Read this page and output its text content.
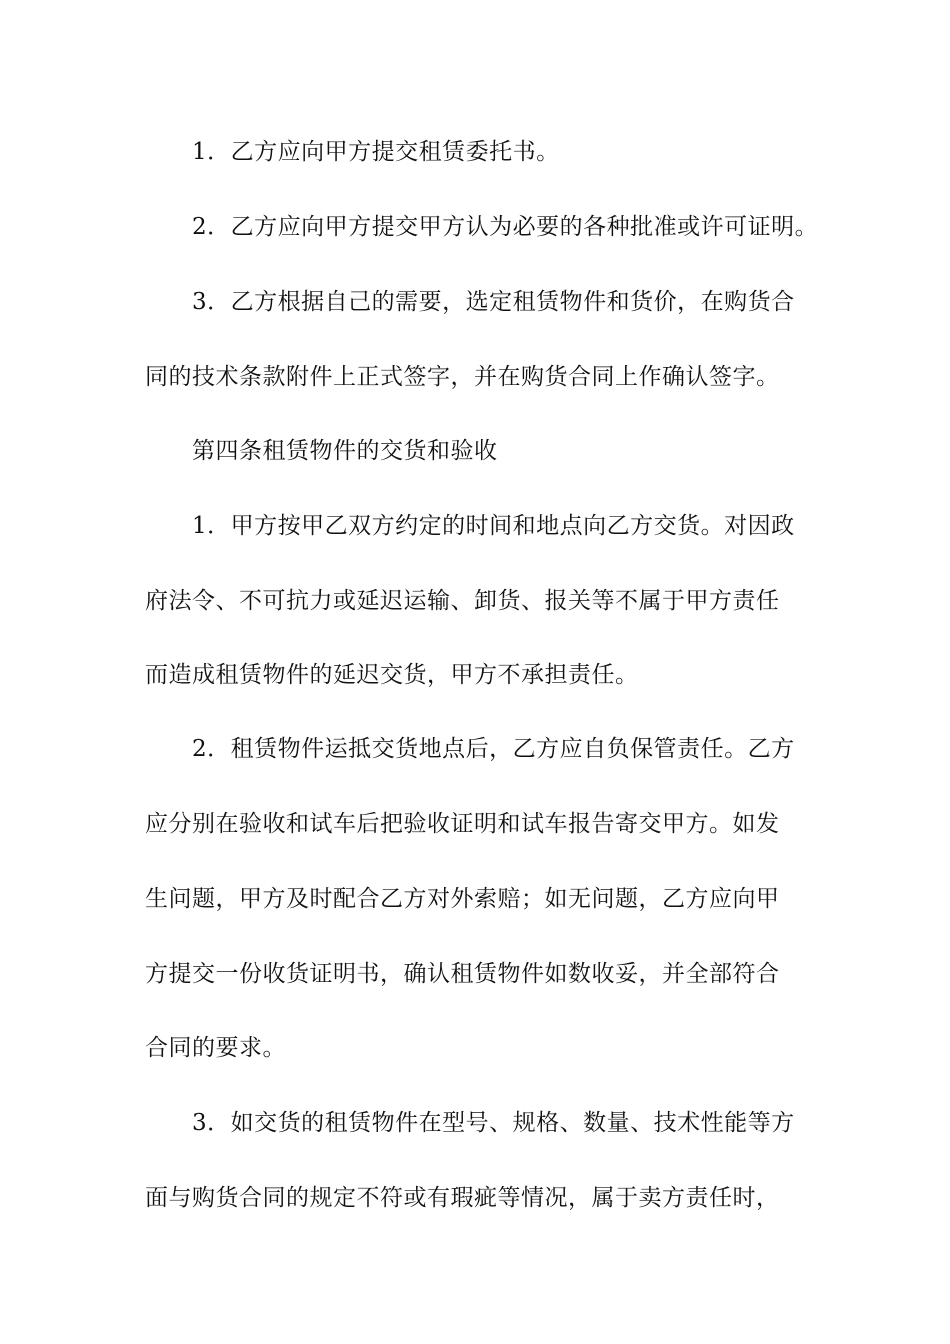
1．乙方应向甲方提交租赁委托书。
2．乙方应向甲方提交甲方认为必要的各种批准或许可证明。
3．乙方根据自己的需要，选定租赁物件和货价，在购货合
同的技术条款附件上正式签字，并在购货合同上作确认签字。
第四条租赁物件的交货和验收
1．甲方按甲乙双方约定的时间和地点向乙方交货。对因政
府法令、不可抗力或延迟运输、卸货、报关等不属于甲方责任
而造成租赁物件的延迟交货，甲方不承担责任。
2．租赁物件运抵交货地点后，乙方应自负保管责任。乙方
应分别在验收和试车后把验收证明和试车报告寄交甲方。如发
生问题，甲方及时配合乙方对外索赔；如无问题，乙方应向甲
方提交一份收货证明书，确认租赁物件如数收妥，并全部符合
合同的要求。
3．如交货的租赁物件在型号、规格、数量、技术性能等方
面与购货合同的规定不符或有瑕疵等情况，属于卖方责任时，
